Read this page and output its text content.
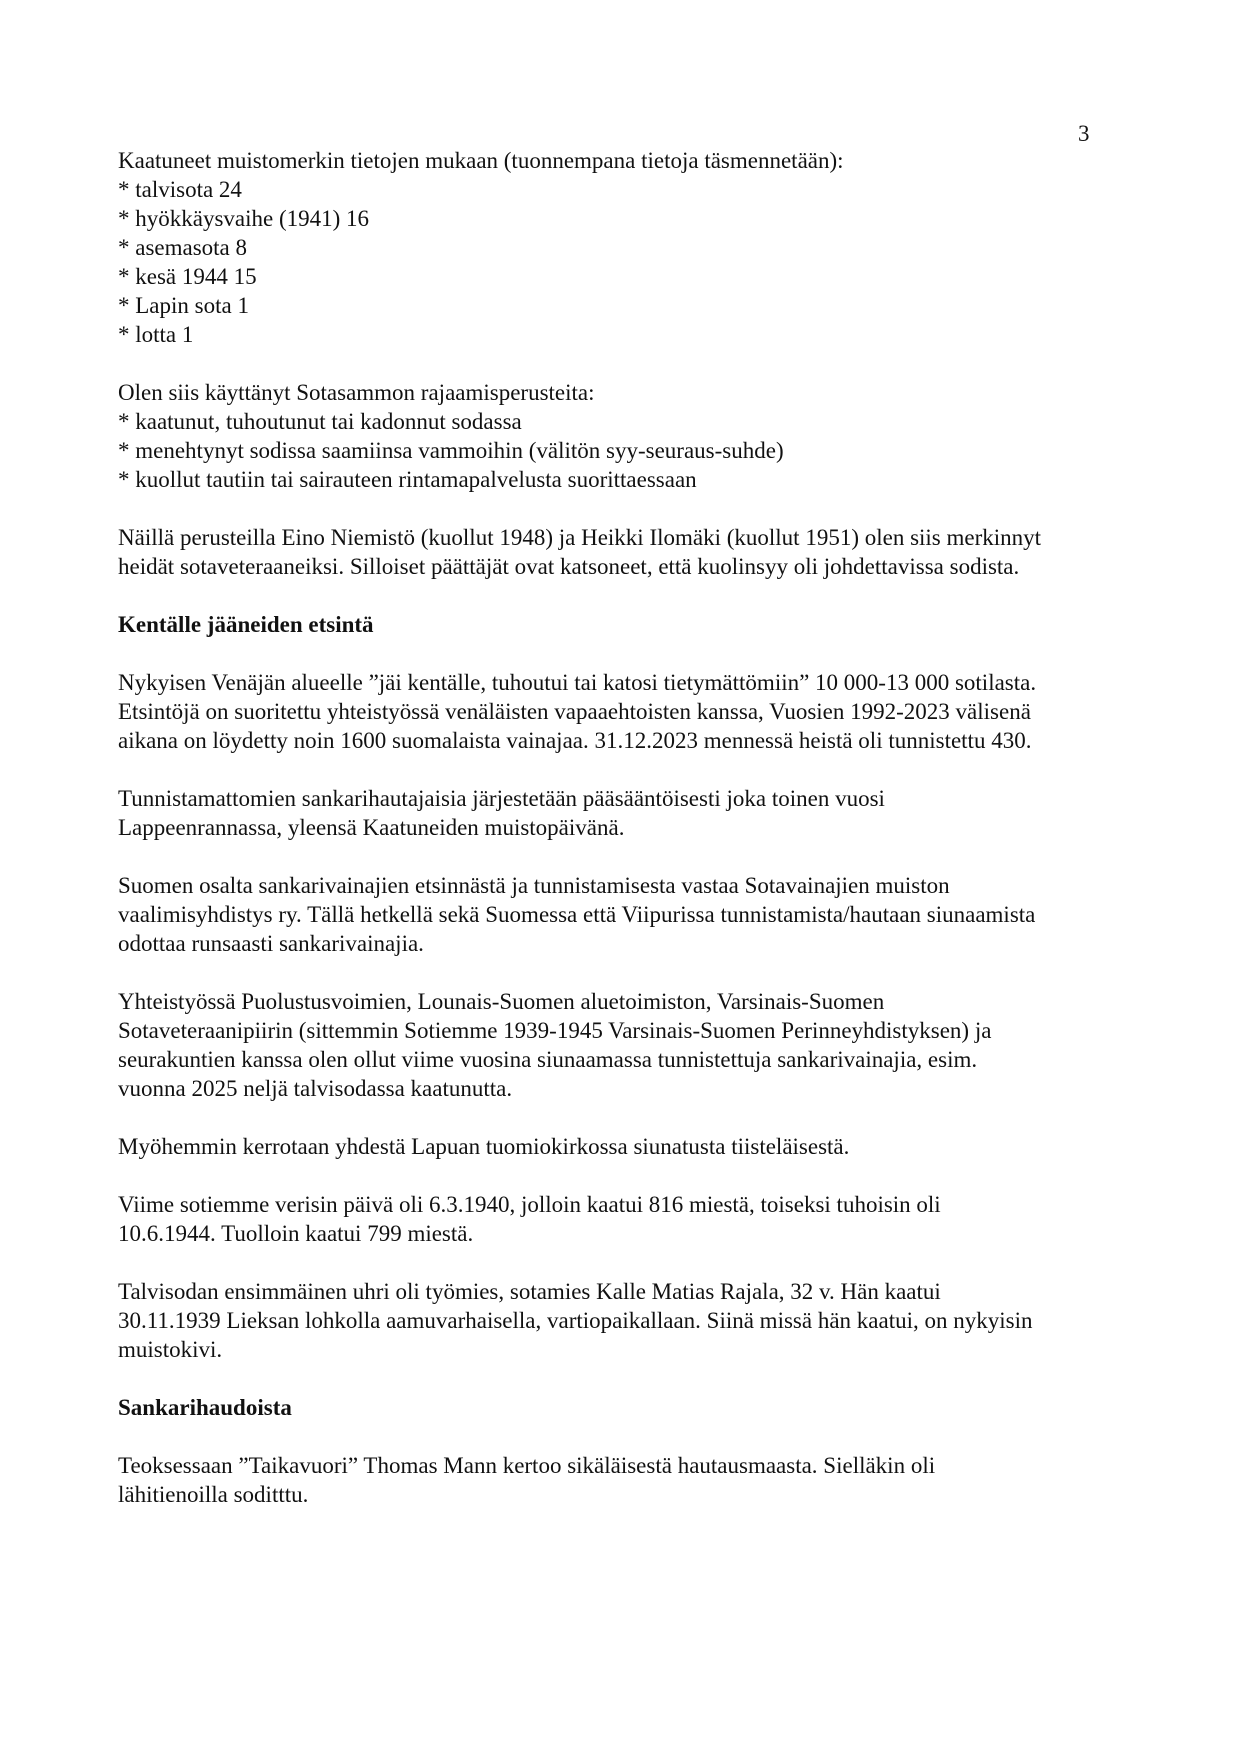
3
Kaatuneet muistomerkin tietojen mukaan (tuonnempana tietoja täsmennetään):
* talvisota 24
* hyökkäysvaihe (1941) 16
* asemasota 8
* kesä 1944 15
* Lapin sota 1
* lotta 1
Olen siis käyttänyt Sotasammon rajaamisperusteita:
* kaatunut, tuhoutunut tai kadonnut sodassa
* menehtynyt sodissa saamiinsa vammoihin (välitön syy-seuraus-suhde)
* kuollut tautiin tai sairauteen rintamapalvelusta suorittaessaan
Näillä perusteilla Eino Niemistö (kuollut 1948) ja Heikki Ilomäki (kuollut 1951) olen siis merkinnyt
heidät sotaveteraaneiksi. Silloiset päättäjät ovat katsoneet, että kuolinsyy oli johdettavissa sodista.
Kentälle jääneiden etsintä
Nykyisen Venäjän alueelle ”jäi kentälle, tuhoutui tai katosi tietymättömiin” 10 000-13 000 sotilasta.
Etsintöjä on suoritettu yhteistyössä venäläisten vapaaehtoisten kanssa, Vuosien 1992-2023 välisenä
aikana on löydetty noin 1600 suomalaista vainajaa. 31.12.2023 mennessä heistä oli tunnistettu 430.
Tunnistamattomien sankarihautajaisia järjestetään pääsääntöisesti joka toinen vuosi
Lappeenrannassa, yleensä Kaatuneiden muistopäivänä.
Suomen osalta sankarivainajien etsinnästä ja tunnistamisesta vastaa Sotavainajien muiston
vaalimisyhdistys ry. Tällä hetkellä sekä Suomessa että Viipurissa tunnistamista/hautaan siunaamista
odottaa runsaasti sankarivainajia.
Yhteistyössä Puolustusvoimien, Lounais-Suomen aluetoimiston, Varsinais-Suomen
Sotaveteraanipiirin (sittemmin Sotiemme 1939-1945 Varsinais-Suomen Perinneyhdistyksen) ja
seurakuntien kanssa olen ollut viime vuosina siunaamassa tunnistettuja sankarivainajia, esim.
vuonna 2025 neljä talvisodassa kaatunutta.
Myöhemmin kerrotaan yhdestä Lapuan tuomiokirkossa siunatusta tiisteläisestä.
Viime sotiemme verisin päivä oli 6.3.1940, jolloin kaatui 816 miestä, toiseksi tuhoisin oli
10.6.1944. Tuolloin kaatui 799 miestä.
Talvisodan ensimmäinen uhri oli työmies, sotamies Kalle Matias Rajala, 32 v. Hän kaatui
30.11.1939 Lieksan lohkolla aamuvarhaisella, vartiopaikallaan. Siinä missä hän kaatui, on nykyisin
muistokivi.
Sankarihaudoista
Teoksessaan ”Taikavuori” Thomas Mann kertoo sikäläisestä hautausmaasta. Sielläkin oli
lähitienoilla soditttu.
